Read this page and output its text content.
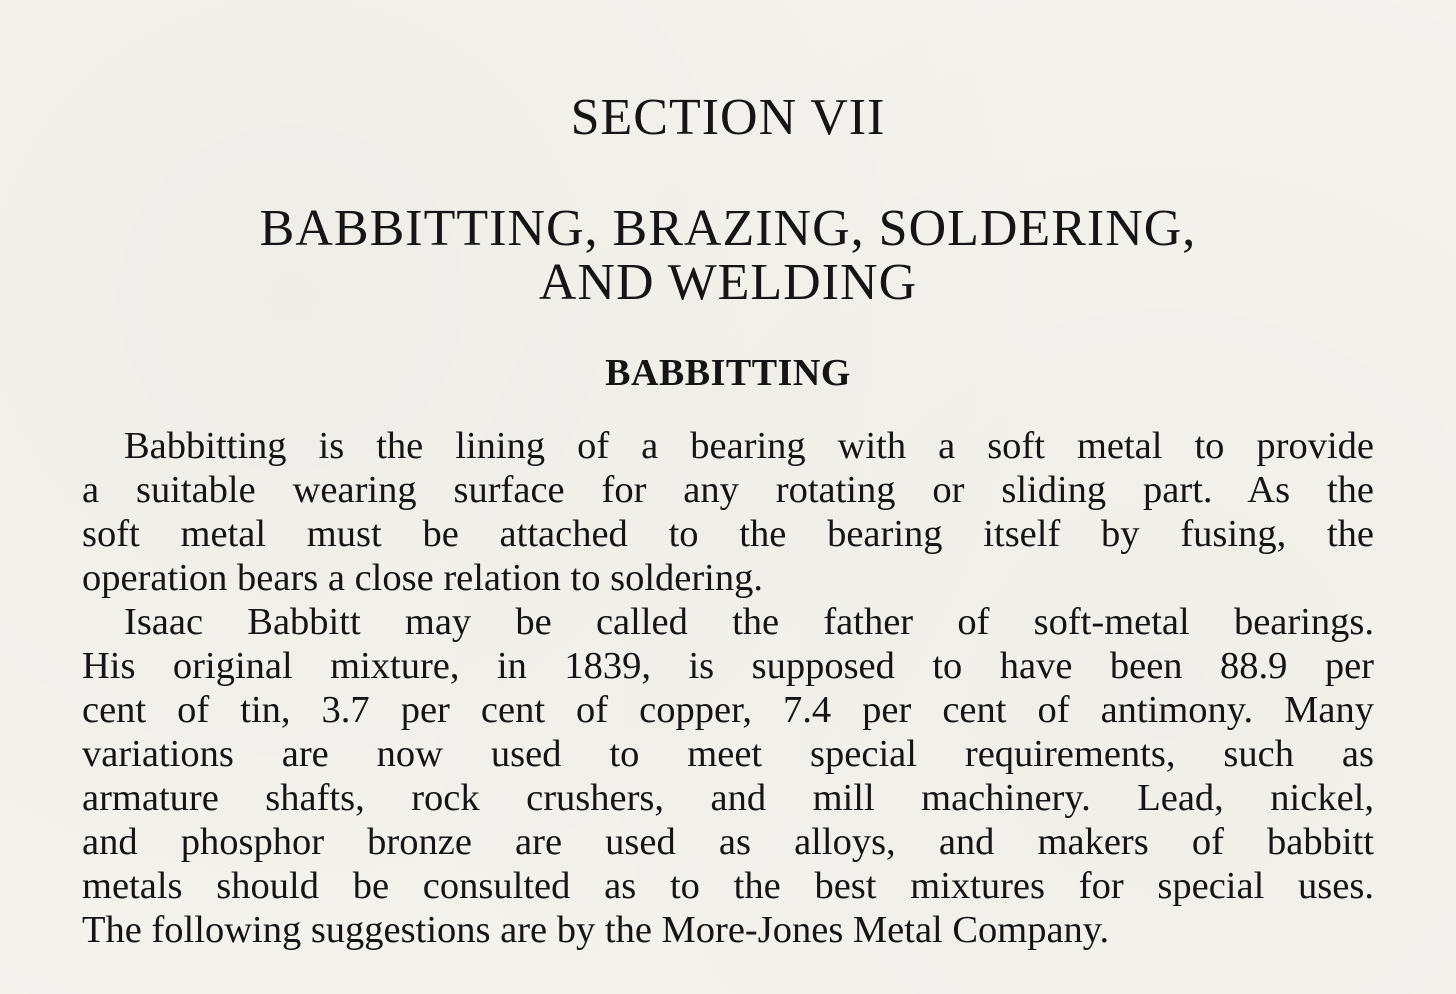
SECTION VII
BABBITTING, BRAZING, SOLDERING,
AND WELDING
BABBITTING
Babbitting is the lining of a bearing with a soft metal to provide
a suitable wearing surface for any rotating or sliding part. As the
soft metal must be attached to the bearing itself by fusing, the
operation bears a close relation to soldering.
Isaac Babbitt may be called the father of soft-metal bearings.
His original mixture, in 1839, is supposed to have been 88.9 per
cent of tin, 3.7 per cent of copper, 7.4 per cent of antimony. Many
variations are now used to meet special requirements, such as
armature shafts, rock crushers, and mill machinery. Lead, nickel,
and phosphor bronze are used as alloys, and makers of babbitt
metals should be consulted as to the best mixtures for special uses.
The following suggestions are by the More-Jones Metal Company.
